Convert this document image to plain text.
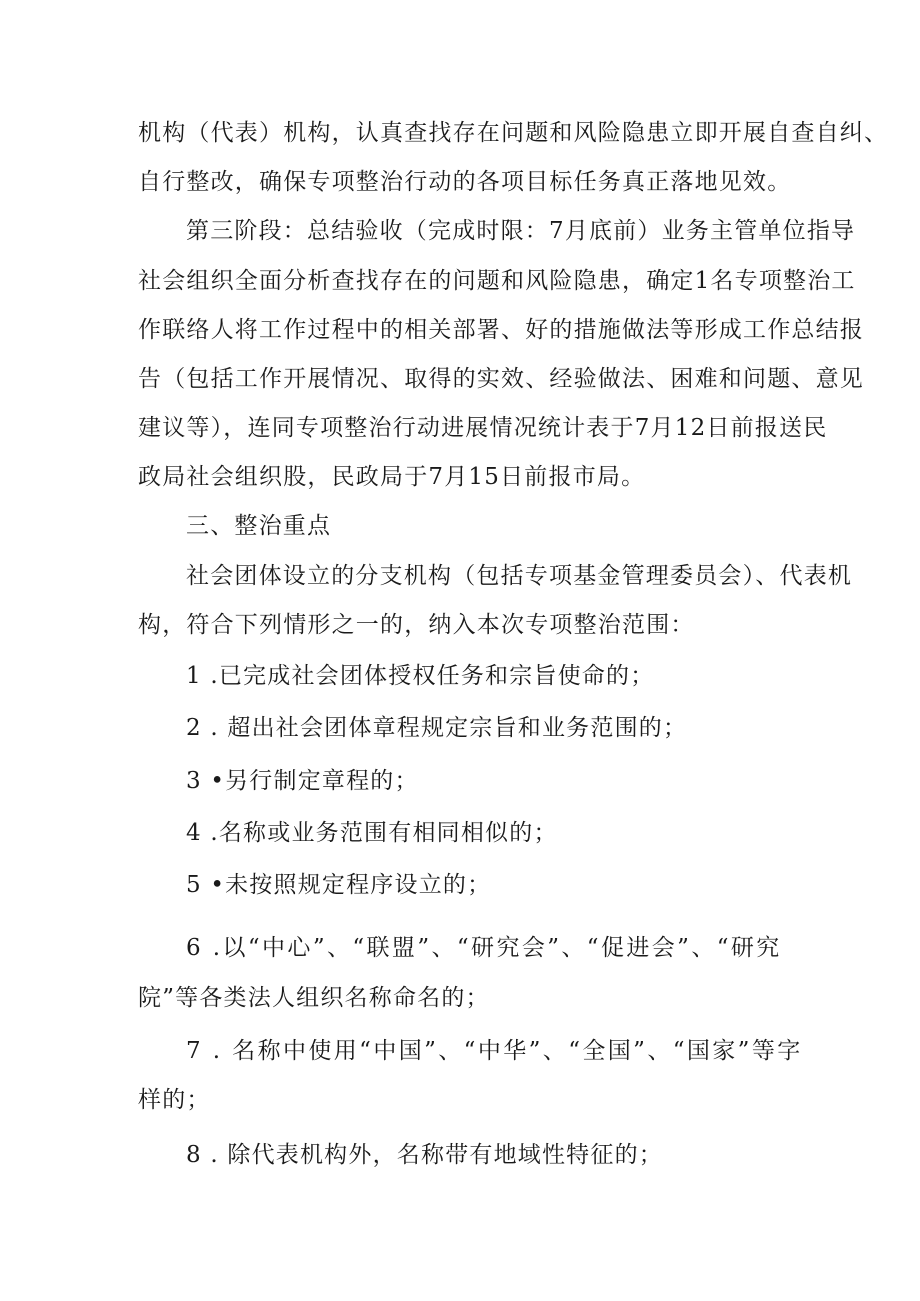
机构（代表）机构，认真查找存在问题和风险隐患立即开展自查自纠、
自行整改，确保专项整治行动的各项目标任务真正落地见效。
第三阶段：总结验收（完成时限：7月底前）业务主管单位指导
社会组织全面分析查找存在的问题和风险隐患，确定1名专项整治工
作联络人将工作过程中的相关部署、好的措施做法等形成工作总结报
告（包括工作开展情况、取得的实效、经验做法、困难和问题、意见
建议等），连同专项整治行动进展情况统计表于7月12日前报送民
政局社会组织股，民政局于7月15日前报市局。
三、整治重点
社会团体设立的分支机构（包括专项基金管理委员会）、代表机
构，符合下列情形之一的，纳入本次专项整治范围：
1 .已完成社会团体授权任务和宗旨使命的；
2 . 超出社会团体章程规定宗旨和业务范围的；
3 •另行制定章程的；
4 .名称或业务范围有相同相似的；
5 •未按照规定程序设立的；
6 .以“中心”、“联盟”、“研究会”、“促进会”、“研究
院”等各类法人组织名称命名的；
7 . 名称中使用“中国”、“中华”、“全国”、“国家”等字
样的；
8 . 除代表机构外，名称带有地域性特征的；
